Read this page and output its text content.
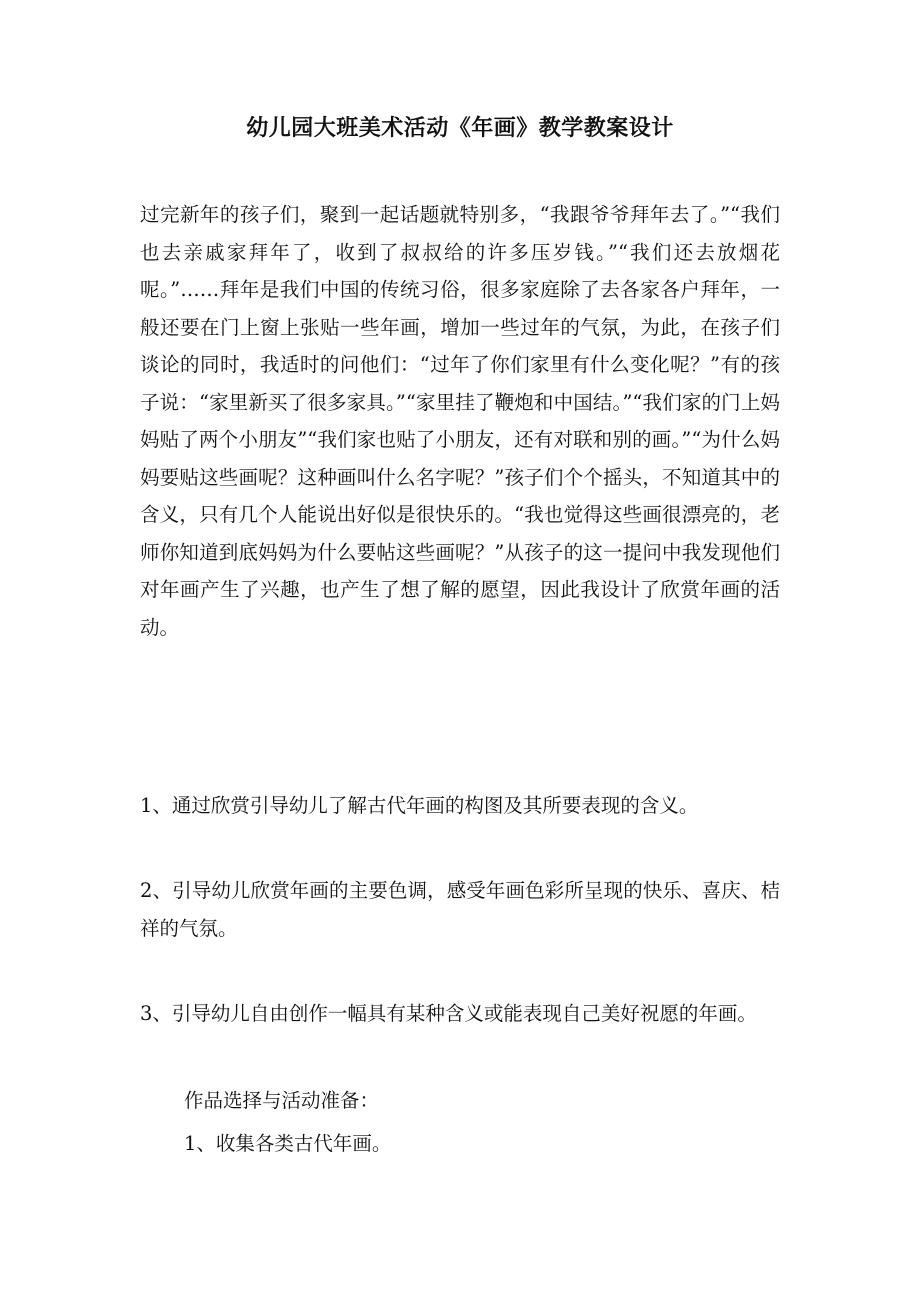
幼儿园大班美术活动《年画》教学教案设计
过完新年的孩子们，聚到一起话题就特别多，“我跟爷爷拜年去了。”“我们也去亲戚家拜年了，收到了叔叔给的许多压岁钱。”“我们还去放烟花呢。”……拜年是我们中国的传统习俗，很多家庭除了去各家各户拜年，一般还要在门上窗上张贴一些年画，增加一些过年的气氛，为此，在孩子们谈论的同时，我适时的问他们：“过年了你们家里有什么变化呢？”有的孩子说：“家里新买了很多家具。”“家里挂了鞭炮和中国结。”“我们家的门上妈妈贴了两个小朋友”“我们家也贴了小朋友，还有对联和别的画。”“为什么妈妈要贴这些画呢？这种画叫什么名字呢？”孩子们个个摇头，不知道其中的含义，只有几个人能说出好似是很快乐的。“我也觉得这些画很漂亮的，老师你知道到底妈妈为什么要帖这些画呢？”从孩子的这一提问中我发现他们对年画产生了兴趣，也产生了想了解的愿望，因此我设计了欣赏年画的活动。
1、通过欣赏引导幼儿了解古代年画的构图及其所要表现的含义。
2、引导幼儿欣赏年画的主要色调，感受年画色彩所呈现的快乐、喜庆、桔祥的气氛。
3、引导幼儿自由创作一幅具有某种含义或能表现自己美好祝愿的年画。
作品选择与活动准备：
1、收集各类古代年画。
